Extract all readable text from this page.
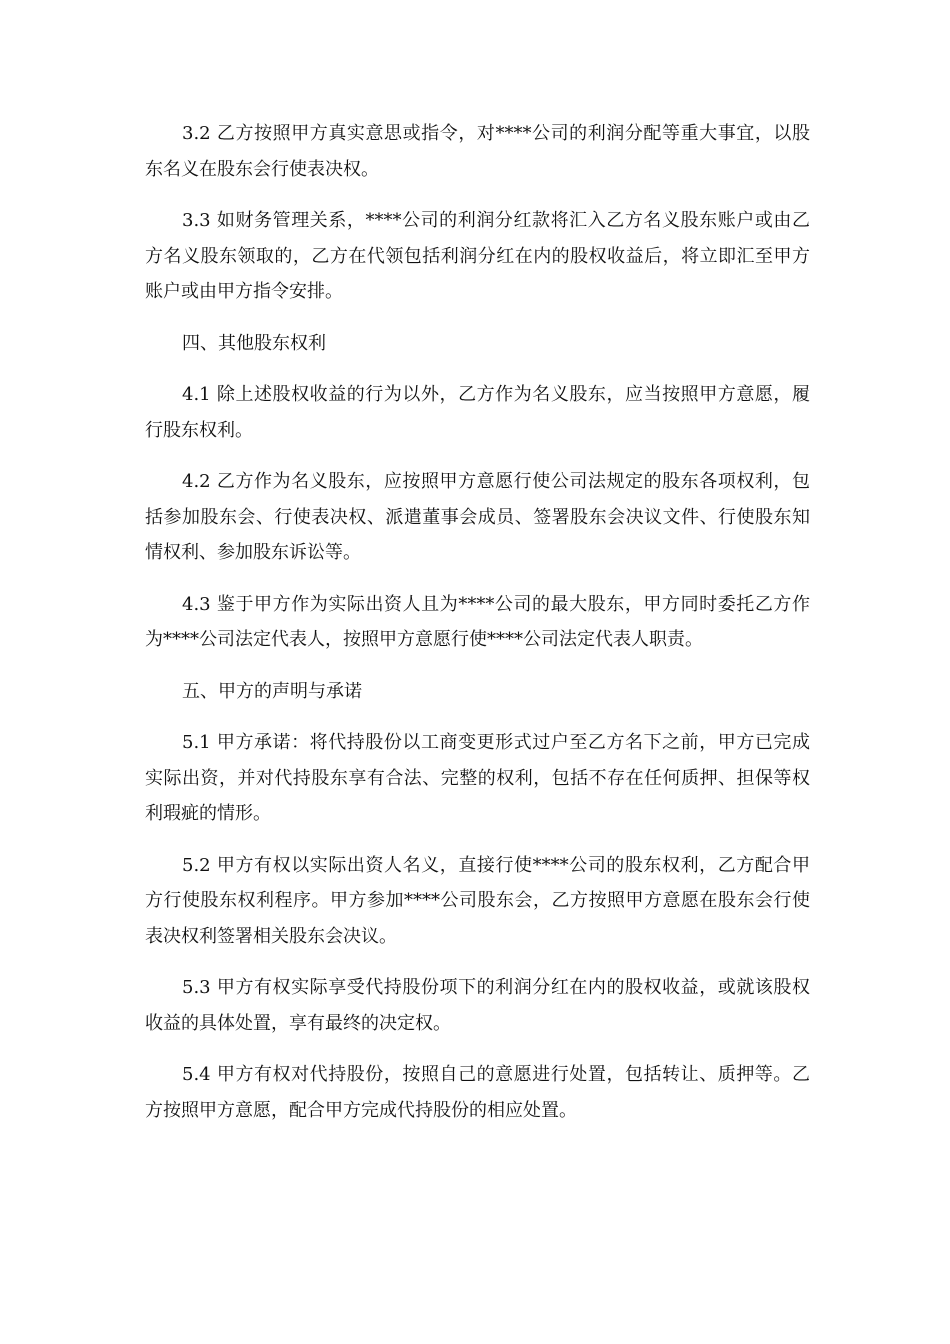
3.2 乙方按照甲方真实意思或指令，对****公司的利润分配等重大事宜，以股东名义在股东会行使表决权。

3.3 如财务管理关系，****公司的利润分红款将汇入乙方名义股东账户或由乙方名义股东领取的，乙方在代领包括利润分红在内的股权收益后，将立即汇至甲方账户或由甲方指令安排。

四、其他股东权利

4.1 除上述股权收益的行为以外，乙方作为名义股东，应当按照甲方意愿，履行股东权利。

4.2 乙方作为名义股东，应按照甲方意愿行使公司法规定的股东各项权利，包括参加股东会、行使表决权、派遣董事会成员、签署股东会决议文件、行使股东知情权利、参加股东诉讼等。

4.3 鉴于甲方作为实际出资人且为****公司的最大股东，甲方同时委托乙方作为****公司法定代表人，按照甲方意愿行使****公司法定代表人职责。

五、甲方的声明与承诺

5.1 甲方承诺：将代持股份以工商变更形式过户至乙方名下之前，甲方已完成实际出资，并对代持股东享有合法、完整的权利，包括不存在任何质押、担保等权利瑕疵的情形。

5.2 甲方有权以实际出资人名义，直接行使****公司的股东权利，乙方配合甲方行使股东权利程序。甲方参加****公司股东会，乙方按照甲方意愿在股东会行使表决权利签署相关股东会决议。

5.3 甲方有权实际享受代持股份项下的利润分红在内的股权收益，或就该股权收益的具体处置，享有最终的决定权。

5.4 甲方有权对代持股份，按照自己的意愿进行处置，包括转让、质押等。乙方按照甲方意愿，配合甲方完成代持股份的相应处置。
